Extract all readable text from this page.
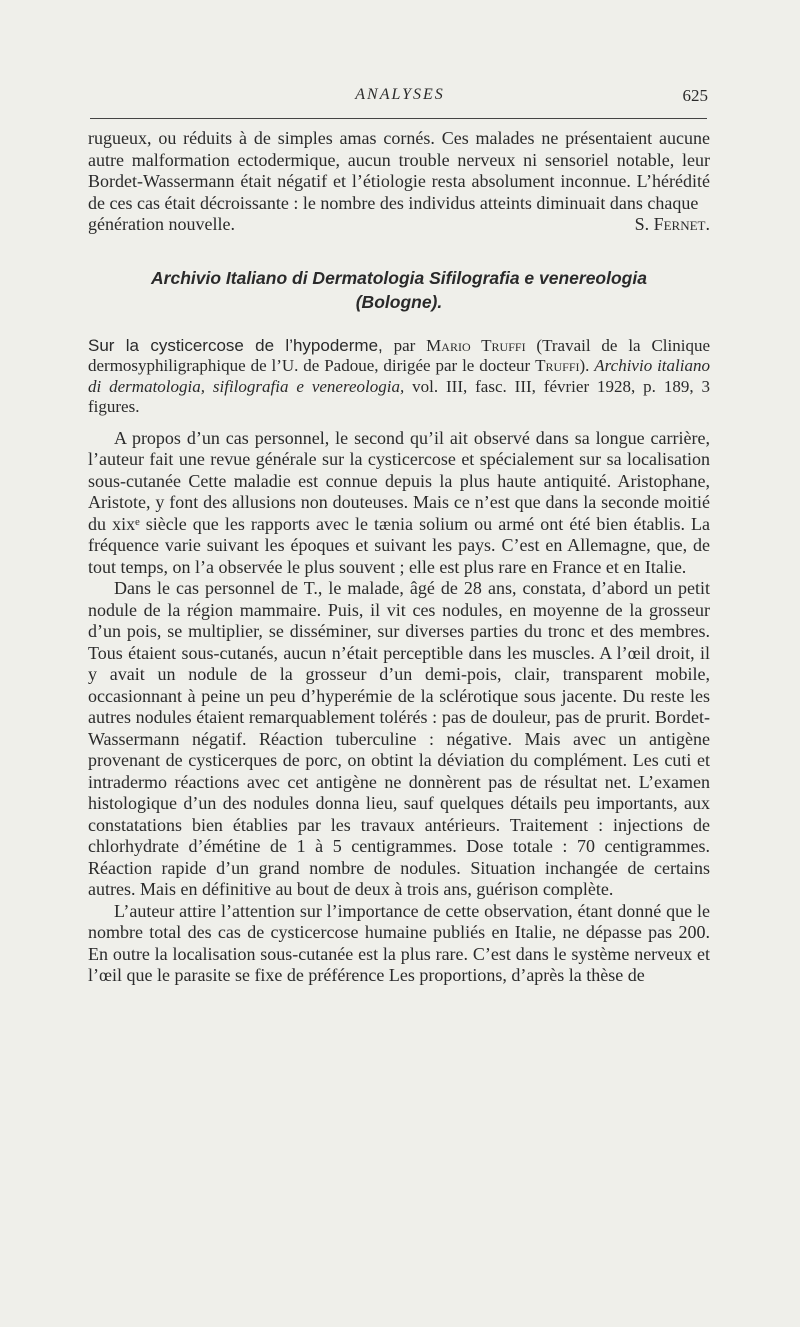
ANALYSES	625

rugueux, ou réduits à de simples amas cornés. Ces malades ne présentaient aucune autre malformation ectodermique, aucun trouble nerveux ni sensoriel notable, leur Bordet-Wassermann était négatif et l’étiologie resta absolument inconnue. L’hérédité de ces cas était décroissante : le nombre des individus atteints diminuait dans chaque

génération nouvelle.	S. Fernet.
Archivio Italiano di Dermatologia Sifilografia e venereologia
(Bologne).

Sur la cysticercose de l’hypoderme, par Mario Truffi (Travail de la Clinique dermosyphiligraphique de l’U. de Padoue, dirigée par le docteur Truffi). Archivio italiano di dermatologia, sifilografia e venereologia, vol. III, fasc. III, février 1928, p. 189, 3 figures.

A propos d’un cas personnel, le second qu’il ait observé dans sa longue carrière, l’auteur fait une revue générale sur la cysticercose et spécialement sur sa localisation sous-cutanée Cette maladie est connue depuis la plus haute antiquité. Aristophane, Aristote, y font des allusions non douteuses. Mais ce n’est que dans la seconde moitié du xixᵉ siècle que les rapports avec le tænia solium ou armé ont été bien établis. La fréquence varie suivant les époques et suivant les pays. C’est en Allemagne, que, de tout temps, on l’a observée le plus souvent ; elle est plus rare en France et en Italie.

Dans le cas personnel de T., le malade, âgé de 28 ans, constata, d’abord un petit nodule de la région mammaire. Puis, il vit ces nodules, en moyenne de la grosseur d’un pois, se multiplier, se disséminer, sur diverses parties du tronc et des membres. Tous étaient sous-cutanés, aucun n’était perceptible dans les muscles. A l’œil droit, il y avait un nodule de la grosseur d’un demi-pois, clair, transparent mobile, occasionnant à peine un peu d’hyperémie de la sclérotique sous jacente. Du reste les autres nodules étaient remarquablement tolérés : pas de douleur, pas de prurit. Bordet-Wassermann négatif. Réaction tuberculine : négative. Mais avec un antigène provenant de cysticerques de porc, on obtint la déviation du complément. Les cuti et intradermo réactions avec cet antigène ne donnèrent pas de résultat net. L’examen histologique d’un des nodules donna lieu, sauf quelques détails peu importants, aux constatations bien établies par les travaux antérieurs. Traitement : injections de chlorhydrate d’émétine de 1 à 5 centigrammes. Dose totale : 70 centigrammes. Réaction rapide d’un grand nombre de nodules. Situation inchangée de certains autres. Mais en définitive au bout de deux à trois ans, guérison complète.

L’auteur attire l’attention sur l’importance de cette observation, étant donné que le nombre total des cas de cysticercose humaine publiés en Italie, ne dépasse pas 200. En outre la localisation sous-cutanée est la plus rare. C’est dans le système nerveux et l’œil que le parasite se fixe de préférence Les proportions, d’après la thèse de
